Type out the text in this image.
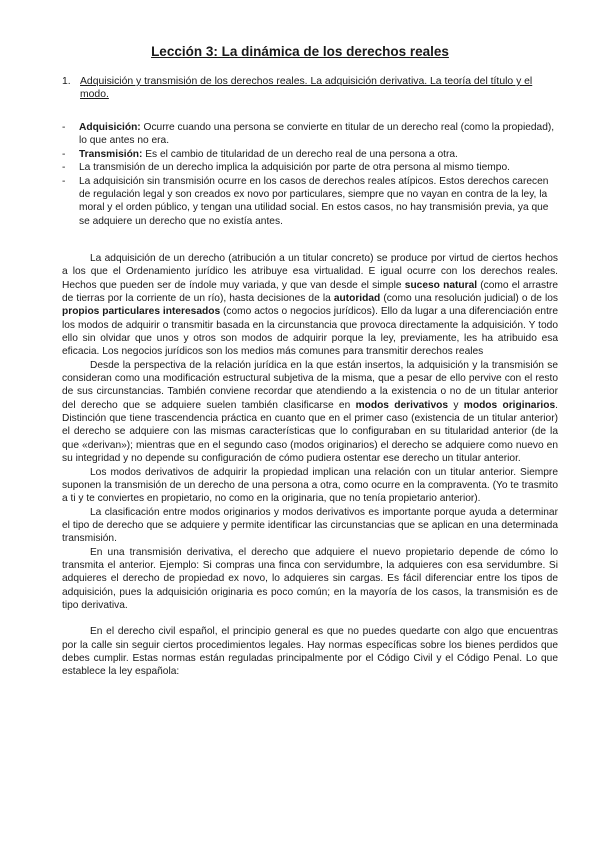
Lección 3: La dinámica de los derechos reales
1. Adquisición y transmisión de los derechos reales. La adquisición derivativa. La teoría del título y el modo.
- Adquisición: Ocurre cuando una persona se convierte en titular de un derecho real (como la propiedad), lo que antes no era.
- Transmisión: Es el cambio de titularidad de un derecho real de una persona a otra.
- La transmisión de un derecho implica la adquisición por parte de otra persona al mismo tiempo.
- La adquisición sin transmisión ocurre en los casos de derechos reales atípicos. Estos derechos carecen de regulación legal y son creados ex novo por particulares, siempre que no vayan en contra de la ley, la moral y el orden público, y tengan una utilidad social. En estos casos, no hay transmisión previa, ya que se adquiere un derecho que no existía antes.

La adquisición de un derecho (atribución a un titular concreto) se produce por virtud de ciertos hechos a los que el Ordenamiento jurídico les atribuye esa virtualidad. E igual ocurre con los derechos reales. Hechos que pueden ser de índole muy variada, y que van desde el simple suceso natural (como el arrastre de tierras por la corriente de un río), hasta decisiones de la autoridad (como una resolución judicial) o de los propios particulares interesados (como actos o negocios jurídicos). Ello da lugar a una diferenciación entre los modos de adquirir o transmitir basada en la circunstancia que provoca directamente la adquisición. Y todo ello sin olvidar que unos y otros son modos de adquirir porque la ley, previamente, les ha atribuido esa eficacia. Los negocios jurídicos son los medios más comunes para transmitir derechos reales

Desde la perspectiva de la relación jurídica en la que están insertos, la adquisición y la transmisión se consideran como una modificación estructural subjetiva de la misma, que a pesar de ello pervive con el resto de sus circunstancias. También conviene recordar que atendiendo a la existencia o no de un titular anterior del derecho que se adquiere suelen también clasificarse en modos derivativos y modos originarios. Distinción que tiene trascendencia práctica en cuanto que en el primer caso (existencia de un titular anterior) el derecho se adquiere con las mismas características que lo configuraban en su titularidad anterior (de la que «derivan»); mientras que en el segundo caso (modos originarios) el derecho se adquiere como nuevo en su integridad y no depende su configuración de cómo pudiera ostentar ese derecho un titular anterior.

Los modos derivativos de adquirir la propiedad implican una relación con un titular anterior. Siempre suponen la transmisión de un derecho de una persona a otra, como ocurre en la compraventa. (Yo te trasmito a ti y te conviertes en propietario, no como en la originaria, que no tenía propietario anterior).

La clasificación entre modos originarios y modos derivativos es importante porque ayuda a determinar el tipo de derecho que se adquiere y permite identificar las circunstancias que se aplican en una determinada transmisión.

En una transmisión derivativa, el derecho que adquiere el nuevo propietario depende de cómo lo transmita el anterior. Ejemplo: Si compras una finca con servidumbre, la adquieres con esa servidumbre. Si adquieres el derecho de propiedad ex novo, lo adquieres sin cargas. Es fácil diferenciar entre los tipos de adquisición, pues la adquisición originaria es poco común; en la mayoría de los casos, la transmisión es de tipo derivativa.

En el derecho civil español, el principio general es que no puedes quedarte con algo que encuentras por la calle sin seguir ciertos procedimientos legales. Hay normas específicas sobre los bienes perdidos que debes cumplir. Estas normas están reguladas principalmente por el Código Civil y el Código Penal. Lo que establece la ley española:
